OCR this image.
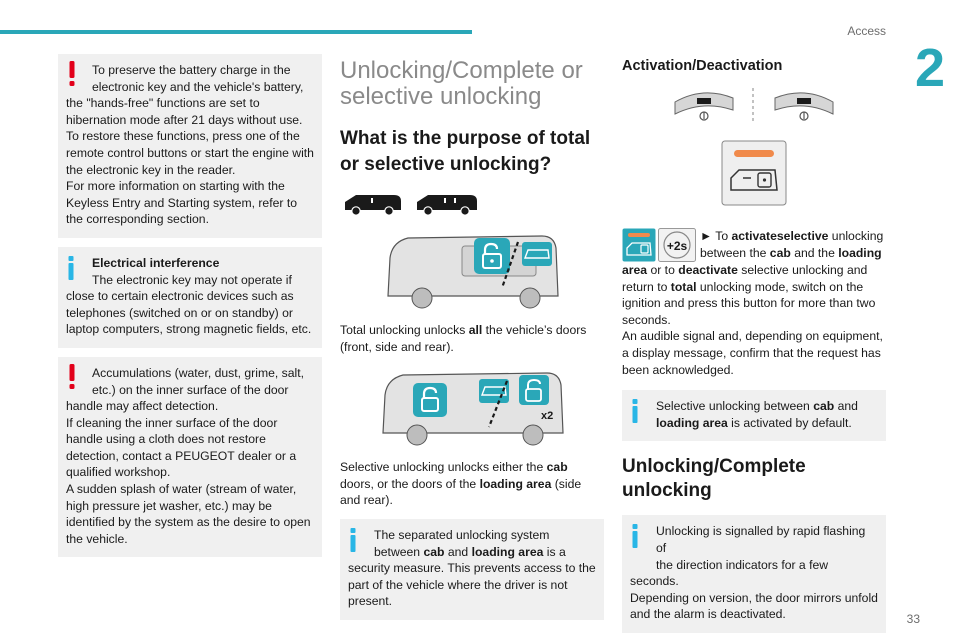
Access
2
33

To preserve the battery charge in the

electronic key and the vehicle's battery,

the "hands-free" functions are set to hibernation mode after 21 days without use. To restore these functions, press one of the remote control buttons or start the engine with the electronic key in the reader.

For more information on starting with the Keyless Entry and Starting system, refer to the corresponding section.

Electrical interference

The electronic key may not operate if

close to certain electronic devices such as telephones (switched on or on standby) or laptop computers, strong magnetic fields, etc.

Accumulations (water, dust, grime, salt,

etc.) on the inner surface of the door

handle may affect detection.

If cleaning the inner surface of the door handle using a cloth does not restore detection, contact a PEUGEOT dealer or a qualified workshop.

A sudden splash of water (stream of water, high pressure jet washer, etc.) may be identified by the system as the desire to open the vehicle.

Unlocking/Complete or selective unlocking
What is the purpose of total or selective unlocking?

Total unlocking unlocks all the vehicle’s doors (front, side and rear).

x2

Selective unlocking unlocks either the cab doors, or the doors of the loading area (side and rear).

The separated unlocking system

between cab and loading area is a

security measure. This prevents access to the part of the vehicle where the driver is not present.

Activation/Deactivation
+2s

► To activateselective unlocking

between the cab and the loading

area or to deactivate selective unlocking and return to total unlocking mode, switch on the ignition and press this button for more than two seconds.

An audible signal and, depending on equipment, a display message, confirm that the request has been acknowledged.

Selective unlocking between cab and

loading area is activated by default.

Unlocking/Complete unlocking

Unlocking is signalled by rapid flashing of

the direction indicators for a few

seconds.

Depending on version, the door mirrors unfold and the alarm is deactivated.
